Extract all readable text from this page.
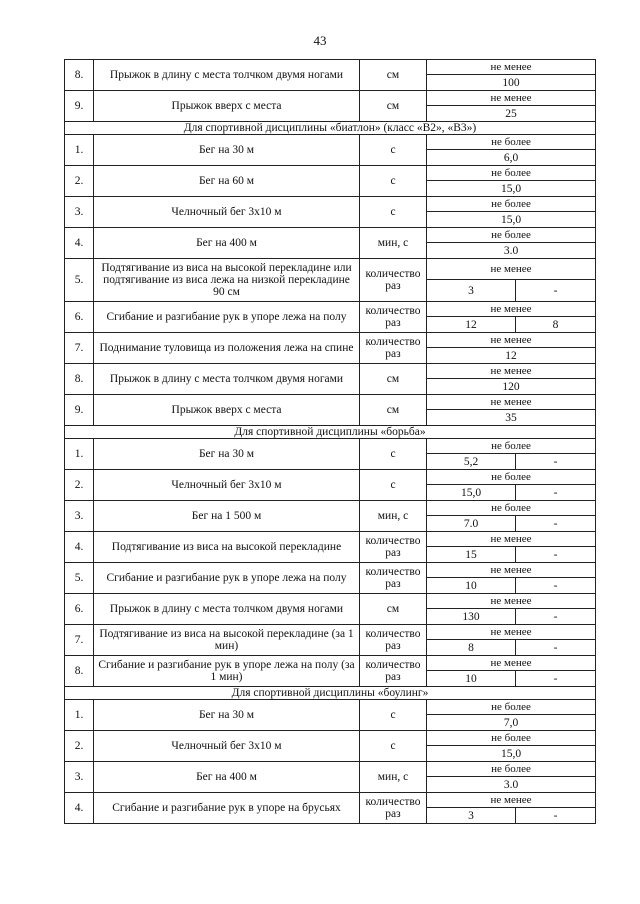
43
8.	Прыжок в длину с места толчком двумя ногами	см	не менее	
			100	
9.	Прыжок вверх с места	см	не менее	
			25	
Для спортивной дисциплины «биатлон» (класс «В2», «В3»)				
1.	Бег на 30 м	с	не более	
			6,0	
2.	Бег на 60 м	с	не более	
			15,0	
3.	Челночный бег 3х10 м	с	не более	
			15,0	
4.	Бег на 400 м	мин, с	не более	
			3.0	
5.	Подтягивание из виса на высокой перекладине или подтягивание из виса лежа на низкой перекладине 90 см	количество раз	не менее	
			3	-
6.	Сгибание и разгибание рук в упоре лежа на полу	количество раз	не менее	
			12	8
7.	Поднимание туловища из положения лежа на спине	количество раз	не менее	
			12	
8.	Прыжок в длину с места толчком двумя ногами	см	не менее	
			120	
9.	Прыжок вверх с места	см	не менее	
			35	
Для спортивной дисциплины «борьба»				
1.	Бег на 30 м	с	не более	
			5,2	-
2.	Челночный бег 3х10 м	с	не более	
			15,0	-
3.	Бег на 1 500 м	мин, с	не более	
			7.0	-
4.	Подтягивание из виса на высокой перекладине	количество раз	не менее	
			15	-
5.	Сгибание и разгибание рук в упоре лежа на полу	количество раз	не менее	
			10	-
6.	Прыжок в длину с места толчком двумя ногами	см	не менее	
			130	-
7.	Подтягивание из виса на высокой перекладине (за 1 мин)	количество раз	не менее	
			8	-
8.	Сгибание и разгибание рук в упоре лежа на полу (за 1 мин)	количество раз	не менее	
			10	-
Для спортивной дисциплины «боулинг»				
1.	Бег на 30 м	с	не более	
			7,0	
2.	Челночный бег 3х10 м	с	не более	
			15,0	
3.	Бег на 400 м	мин, с	не более	
			3.0	
4.	Сгибание и разгибание рук в упоре на брусьях	количество раз	не менее	
			3	-
